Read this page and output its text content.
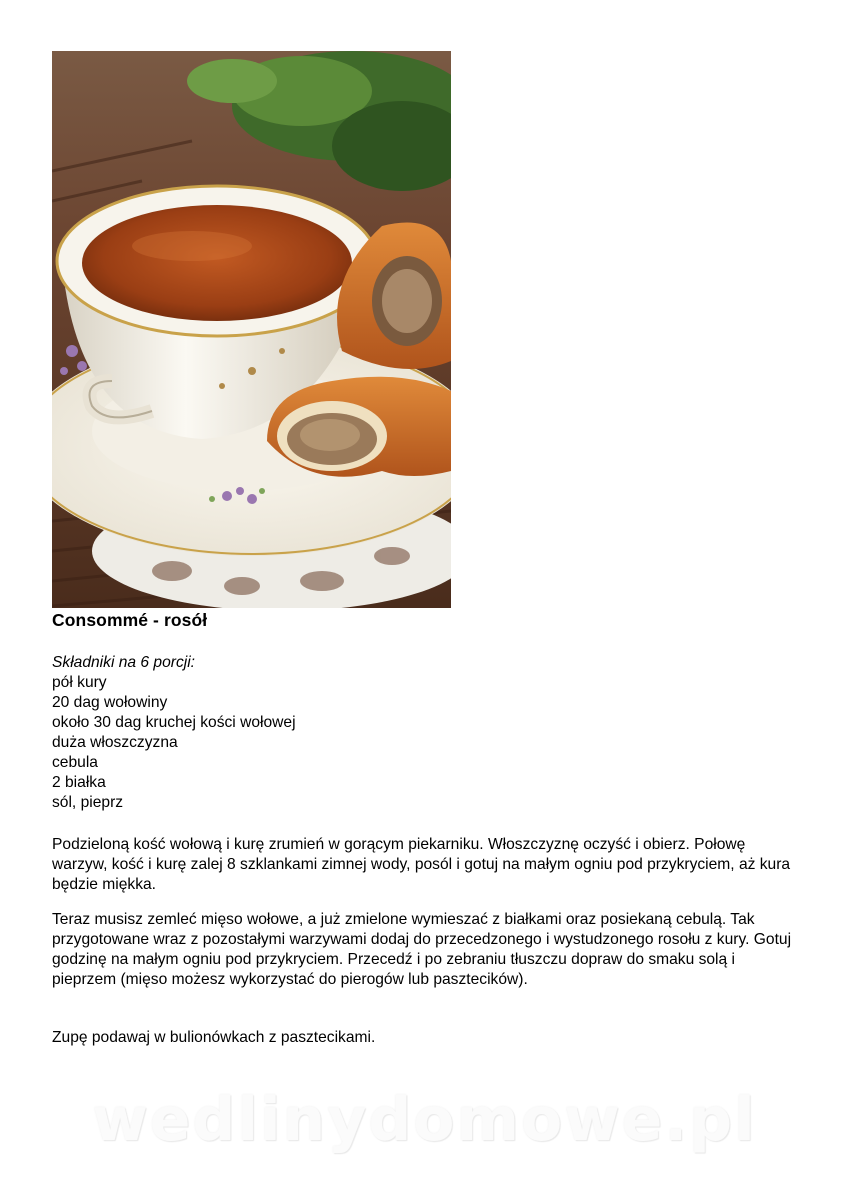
Consommé - rosół
Składniki na 6 porcji:
pół kury
20 dag wołowiny
około 30 dag kruchej kości wołowej
duża włoszczyzna
cebula
2 białka
sól, pieprz

Podzieloną kość wołową i kurę zrumień w gorącym piekarniku. Włoszczyznę oczyść i obierz. Połowę warzyw, kość i kurę zalej 8 szklankami zimnej wody, posól i gotuj na małym ogniu pod przykryciem, aż kura będzie miękka.

Teraz musisz zemleć mięso wołowe, a już zmielone wymieszać z białkami oraz posiekaną cebulą. Tak przygotowane wraz z pozostałymi warzywami dodaj do przecedzonego i wystudzonego rosołu z kury. Gotuj godzinę na małym ogniu pod przykryciem. Przecedź i po zebraniu tłuszczu dopraw do smaku solą i pieprzem (mięso możesz wykorzystać do pierogów lub pasztecików).

Zupę podawaj w bulionówkach z pasztecikami.

wedlinydomowe.pl
